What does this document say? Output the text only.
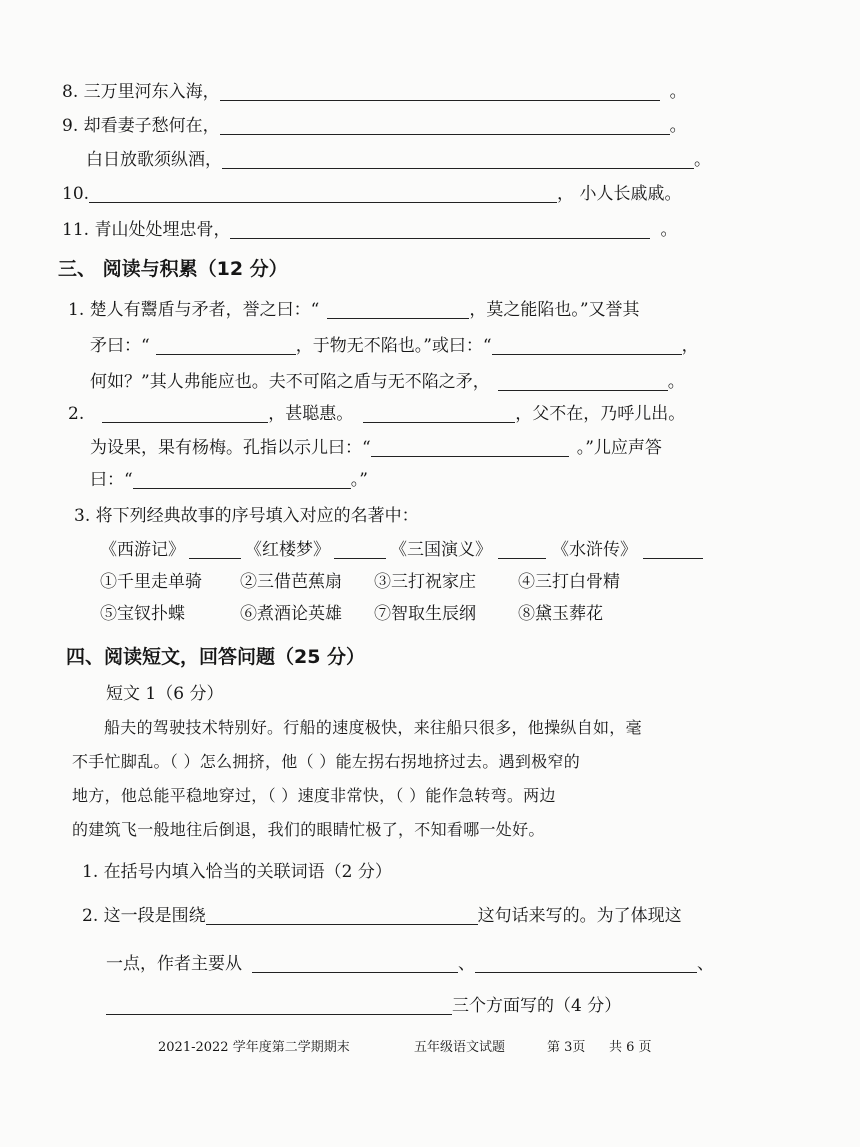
8. 三万里河东入海，	。
9. 却看妻子愁何在，	。
白日放歌须纵酒，	。
10.	， 小人长戚戚。
11. 青山处处埋忠骨，	。
三、 阅读与积累（12 分）
1. 楚人有鬻盾与矛者，誉之曰：“	，莫之能陷也。”又誉其
矛曰：“	，于物无不陷也。”或曰：“	，
何如？”其人弗能应也。夫不可陷之盾与无不陷之矛，	。
2.	，甚聪惠。	，父不在，乃呼儿出。
为设果，果有杨梅。孔指以示儿曰：“	。”儿应声答
曰：“	。”
3. 将下列经典故事的序号填入对应的名著中：
《西游记》	《红楼梦》	《三国演义》	《水浒传》
①千里走单骑 ②三借芭蕉扇 ③三打祝家庄 ④三打白骨精
⑤宝钗扑蝶	⑥煮酒论英雄 ⑦智取生辰纲 ⑧黛玉葬花
四、阅读短文，回答问题（25 分）
短文 1（6 分）
船夫的驾驶技术特别好。行船的速度极快，来往船只很多，他操纵自如，毫
不手忙脚乱。（ ）怎么拥挤，他（ ）能左拐右拐地挤过去。遇到极窄的
地方，他总能平稳地穿过，（ ）速度非常快，（ ）能作急转弯。两边
的建筑飞一般地往后倒退，我们的眼睛忙极了，不知看哪一处好。
1. 在括号内填入恰当的关联词语（2 分）
2. 这一段是围绕	这句话来写的。为了体现这
一点，作者主要从	、	、
三个方面写的（4 分）
2021-2022 学年度第二学期期末	五年级语文试题	第 3页 共 6 页
